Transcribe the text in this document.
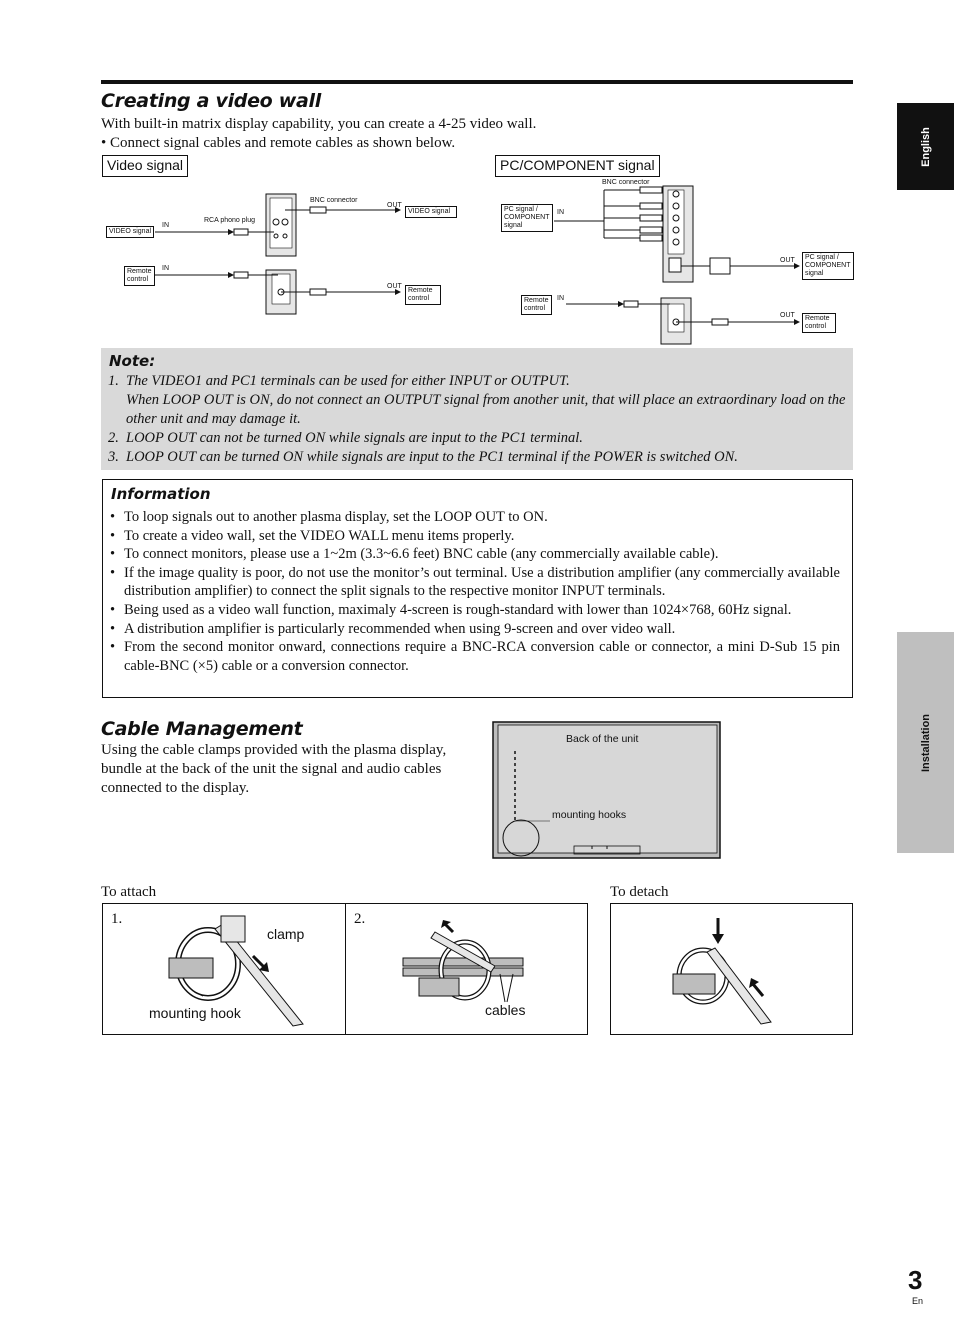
English
Installation
Creating a video wall
With built-in matrix display capability, you can create a 4-25 video wall.
• Connect signal cables and remote cables as shown below.
Video signal	PC/COMPONENT signal
BNC connector
RCA phono plug
IN
IN
OUT
OUT
VIDEO signal
VIDEO signal
Remote
control
Remote
control
BNC connector
IN
IN
OUT
OUT
PC signal /
COMPONENT
signal
PC signal /
COMPONENT
signal
Remote
control
Remote
control
Note:
1. The VIDEO1 and PC1 terminals can be used for either INPUT or OUTPUT.
When LOOP OUT is ON, do not connect an OUTPUT signal from another unit, that will place an extraordinary load on the other unit and may damage it.
2. LOOP OUT can not be turned ON while signals are input to the PC1 terminal.
3. LOOP OUT can be turned ON while signals are input to the PC1 terminal if the POWER is switched ON.
Information
• To loop signals out to another plasma display, set the LOOP OUT to ON.
• To create a video wall, set the VIDEO WALL menu items properly.
• To connect monitors, please use a 1~2m (3.3~6.6 feet) BNC cable (any commercially available cable).
• If the image quality is poor, do not use the monitor’s out terminal. Use a distribution amplifier (any commercially available distribution amplifier) to connect the split signals to the respective monitor INPUT terminals.
• Being used as a video wall function, maximaly 4-screen is rough-standard with lower than 1024×768, 60Hz signal.
• A distribution amplifier is particularly recommended when using 9-screen and over video wall.
• From the second monitor onward, connections require a BNC-RCA conversion cable or connector, a mini D-Sub 15 pin cable-BNC (×5) cable or a conversion connector.
Cable Management
Using the cable clamps provided with the plasma display, bundle at the back of the unit the signal and audio cables connected to the display.
Back of the unit
mounting hooks
To attach	To detach
1.	2.
clamp
mounting hook	cables
3
En
